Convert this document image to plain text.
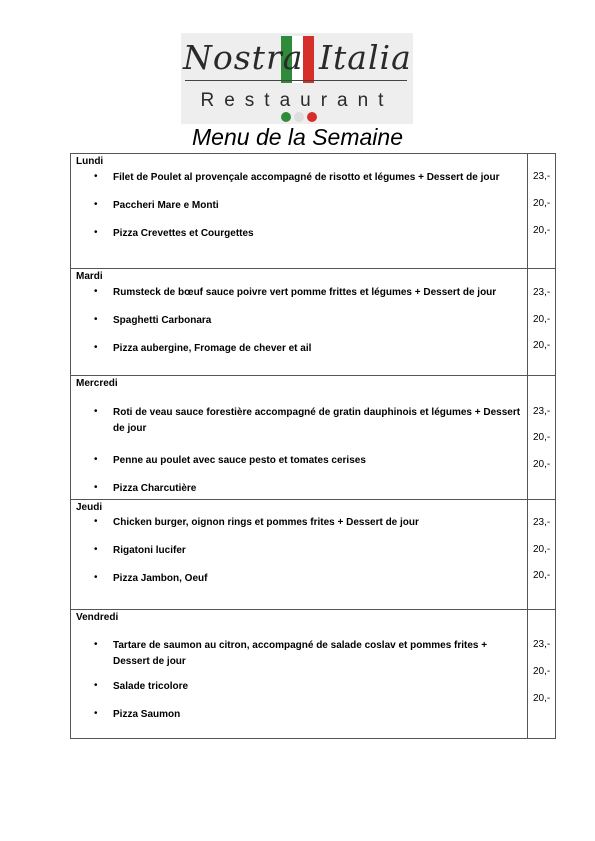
Nostra Italia
Restaurant
Menu de la Semaine
Lundi
• Filet de Poulet al provençale accompagné de risotto et légumes + Dessert de jour
• Paccheri Mare e Monti
• Pizza Crevettes et Courgettes
23,-
20,-
20,-
Mardi
• Rumsteck de bœuf sauce poivre vert pomme frittes et légumes + Dessert de jour
• Spaghetti Carbonara
• Pizza aubergine, Fromage de chever et ail
23,-
20,-
20,-
Mercredi
• Roti de veau sauce forestière accompagné de gratin dauphinois et légumes + Dessert de jour
• Penne au poulet avec sauce pesto et tomates cerises
• Pizza Charcutière
23,-
20,-
20,-
Jeudi
• Chicken burger, oignon rings et pommes frites + Dessert de jour
• Rigatoni lucifer
• Pizza Jambon, Oeuf
23,-
20,-
20,-
Vendredi
• Tartare de saumon au citron, accompagné de salade coslav et pommes frites + Dessert de jour
• Salade tricolore
• Pizza Saumon
23,-
20,-
20,-
